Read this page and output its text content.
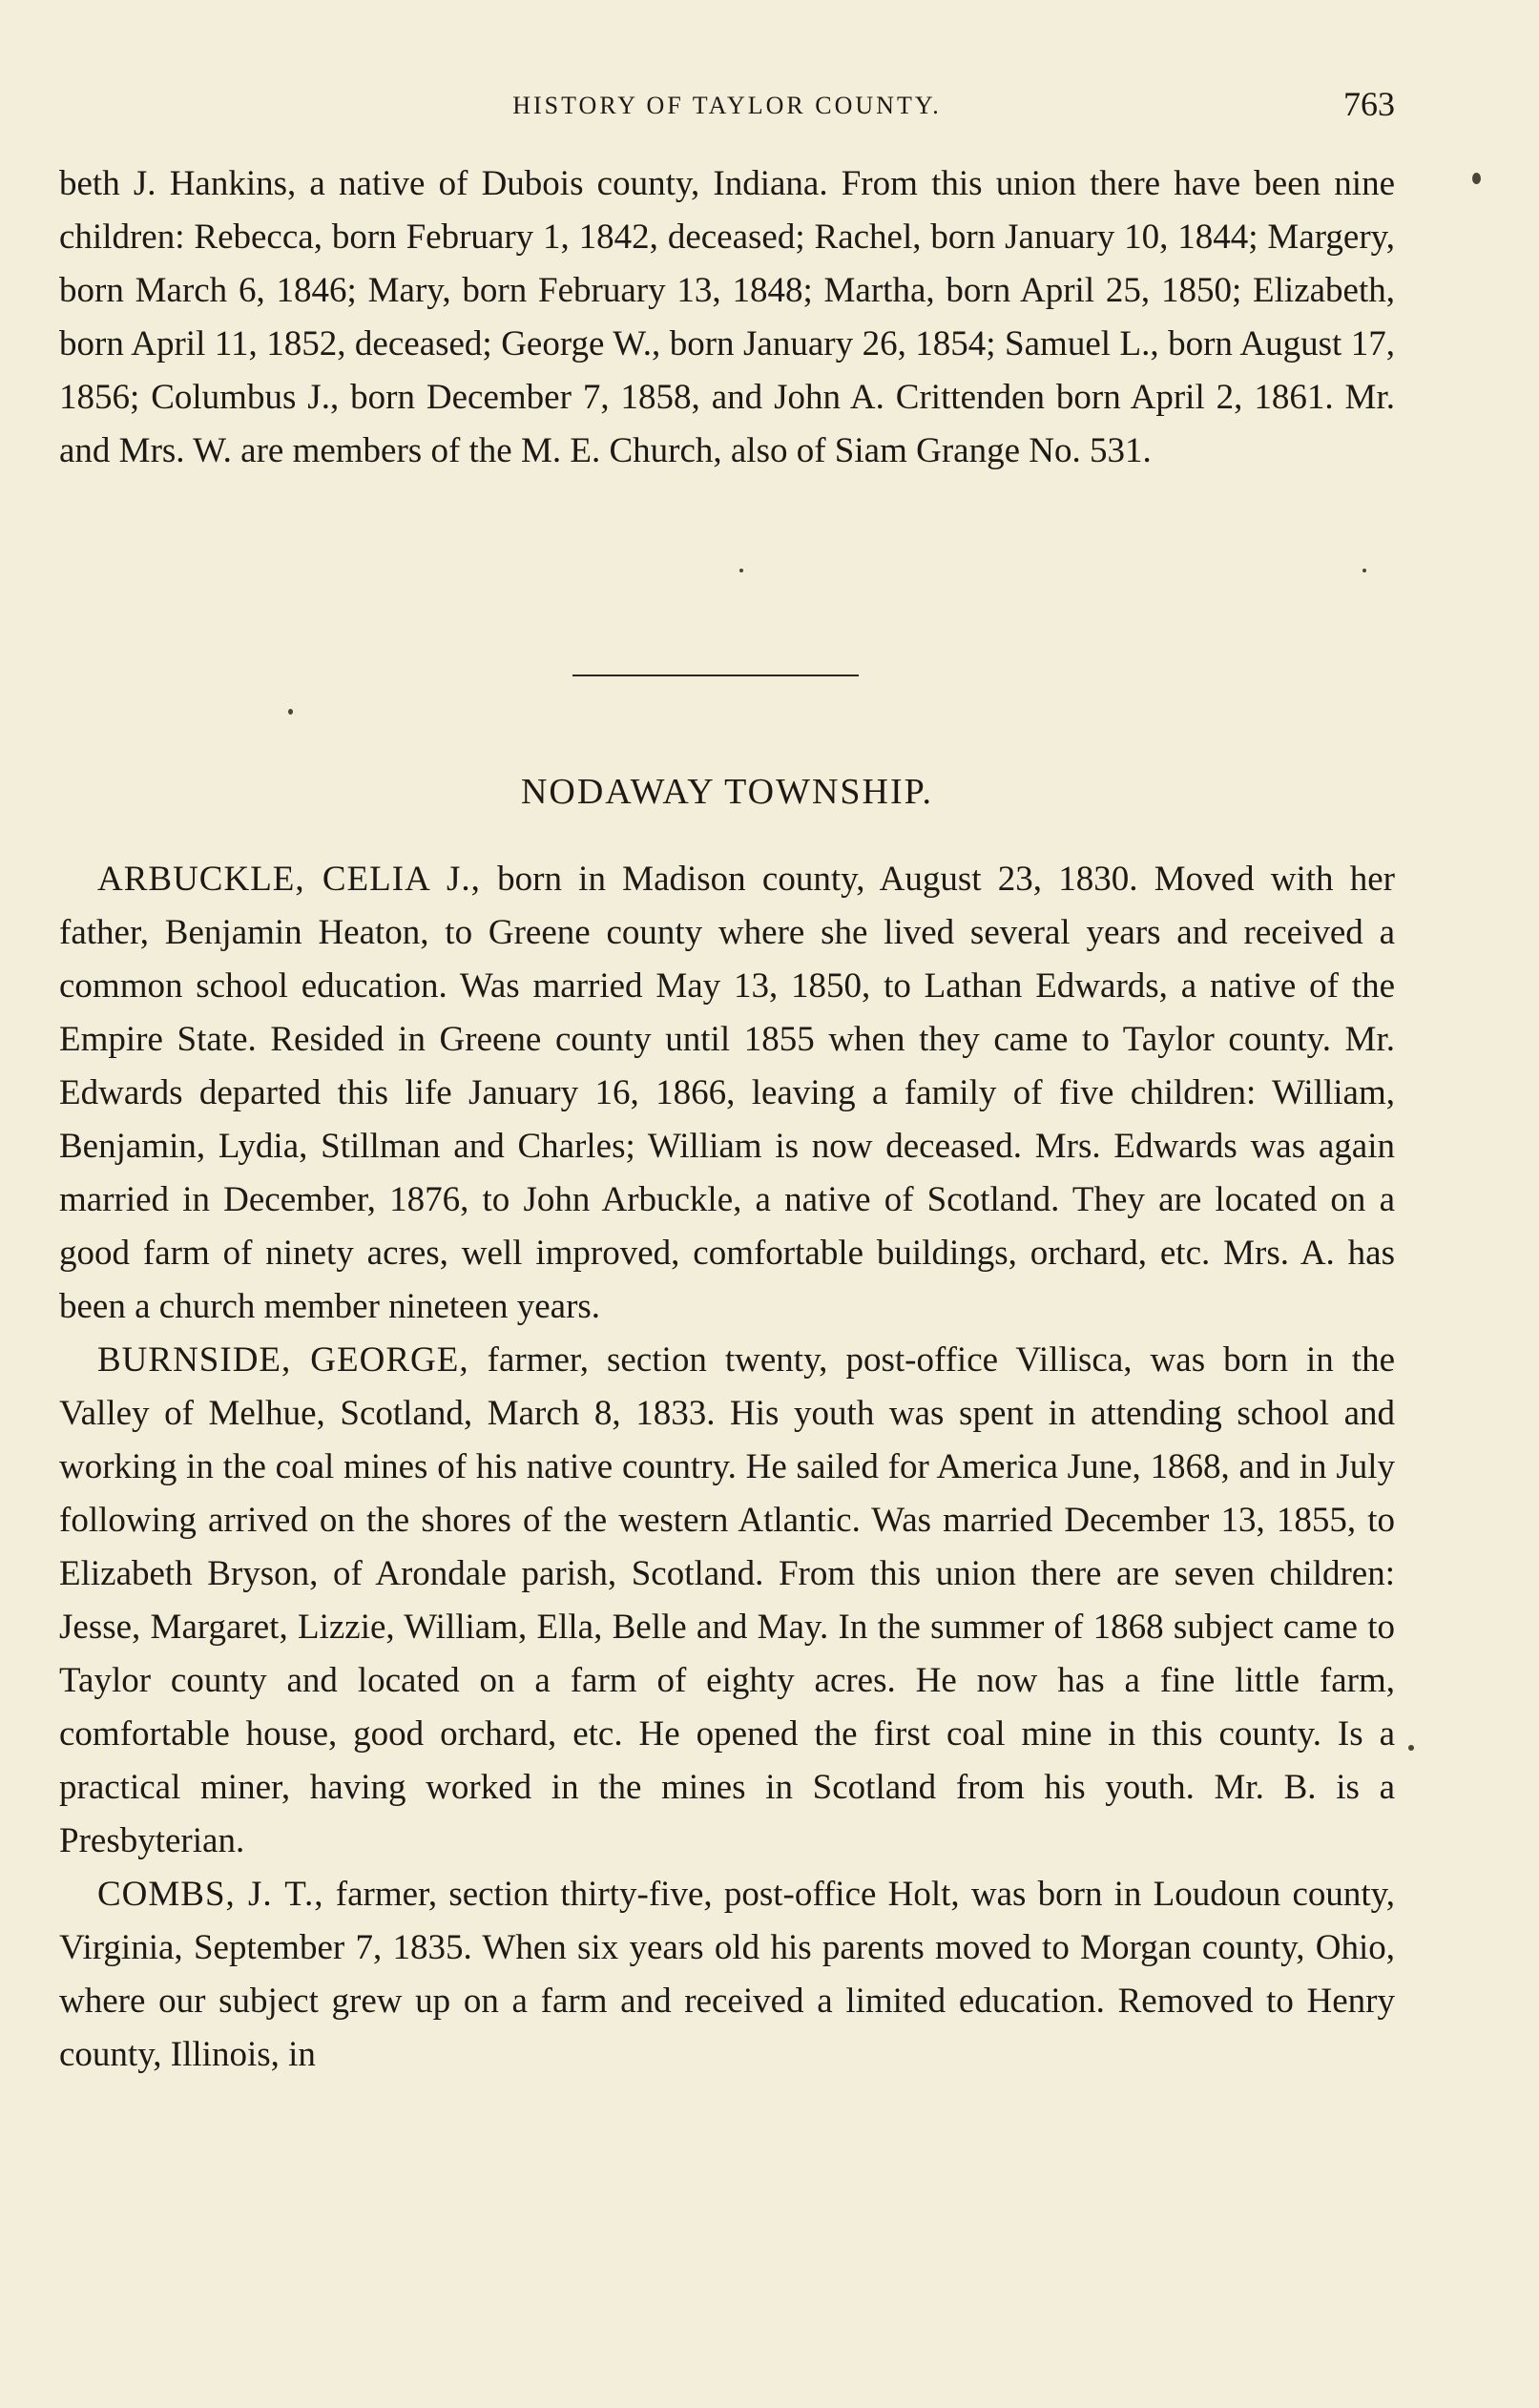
HISTORY OF TAYLOR COUNTY.	763

beth J. Hankins, a native of Dubois county, Indiana. From this union there have been nine children: Rebecca, born February 1, 1842, deceased; Rachel, born January 10, 1844; Margery, born March 6, 1846; Mary, born February 13, 1848; Martha, born April 25, 1850; Elizabeth, born April 11, 1852, deceased; George W., born January 26, 1854; Samuel L., born August 17, 1856; Columbus J., born December 7, 1858, and John A. Crittenden born April 2, 1861. Mr. and Mrs. W. are members of the M. E. Church, also of Siam Grange No. 531.

NODAWAY TOWNSHIP.

ARBUCKLE, CELIA J., born in Madison county, August 23, 1830. Moved with her father, Benjamin Heaton, to Greene county where she lived several years and received a common school education. Was married May 13, 1850, to Lathan Edwards, a native of the Empire State. Resided in Greene county until 1855 when they came to Taylor county. Mr. Edwards departed this life January 16, 1866, leaving a family of five children: William, Benjamin, Lydia, Stillman and Charles; William is now deceased. Mrs. Edwards was again married in December, 1876, to John Arbuckle, a native of Scotland. They are located on a good farm of ninety acres, well improved, comfortable buildings, orchard, etc. Mrs. A. has been a church member nineteen years.

BURNSIDE, GEORGE, farmer, section twenty, post-office Villisca, was born in the Valley of Melhue, Scotland, March 8, 1833. His youth was spent in attending school and working in the coal mines of his native country. He sailed for America June, 1868, and in July following arrived on the shores of the western Atlantic. Was married December 13, 1855, to Elizabeth Bryson, of Arondale parish, Scotland. From this union there are seven children: Jesse, Margaret, Lizzie, William, Ella, Belle and May. In the summer of 1868 subject came to Taylor county and located on a farm of eighty acres. He now has a fine little farm, comfortable house, good orchard, etc. He opened the first coal mine in this county. Is a practical miner, having worked in the mines in Scotland from his youth. Mr. B. is a Presbyterian.

COMBS, J. T., farmer, section thirty-five, post-office Holt, was born in Loudoun county, Virginia, September 7, 1835. When six years old his parents moved to Morgan county, Ohio, where our subject grew up on a farm and received a limited education. Removed to Henry county, Illinois, in
